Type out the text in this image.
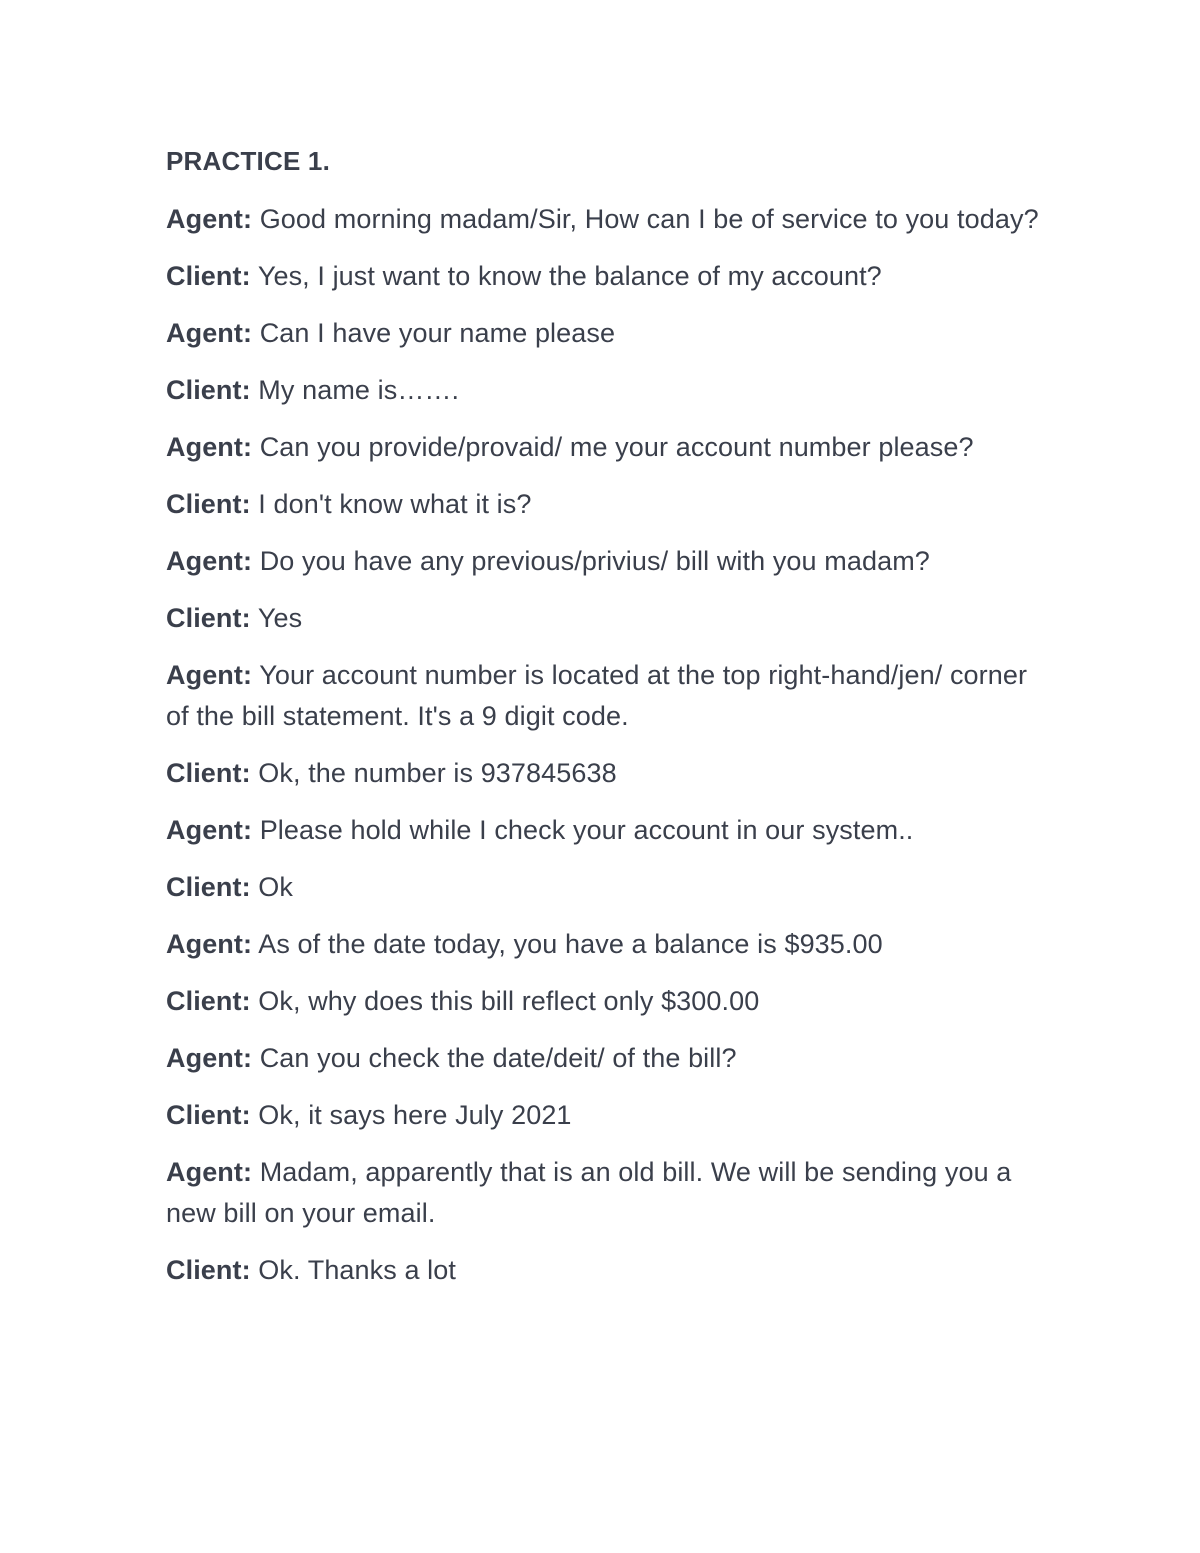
PRACTICE 1.

Agent: Good morning madam/Sir, How can I be of service to you today?

Client: Yes, I just want to know the balance of my account?

Agent: Can I have your name please

Client: My name is…….

Agent: Can you provide/provaid/ me your account number please?

Client: I don't know what it is?

Agent: Do you have any previous/privius/ bill with you madam?

Client: Yes

Agent: Your account number is located at the top right-hand/jen/ corner of the bill statement. It's a 9 digit code.

Client: Ok, the number is 937845638

Agent: Please hold while I check your account in our system..

Client: Ok

Agent: As of the date today, you have a balance is $935.00

Client: Ok, why does this bill reflect only $300.00

Agent: Can you check the date/deit/ of the bill?

Client: Ok, it says here July 2021

Agent: Madam, apparently that is an old bill. We will be sending you a new bill on your email.

Client: Ok. Thanks a lot
